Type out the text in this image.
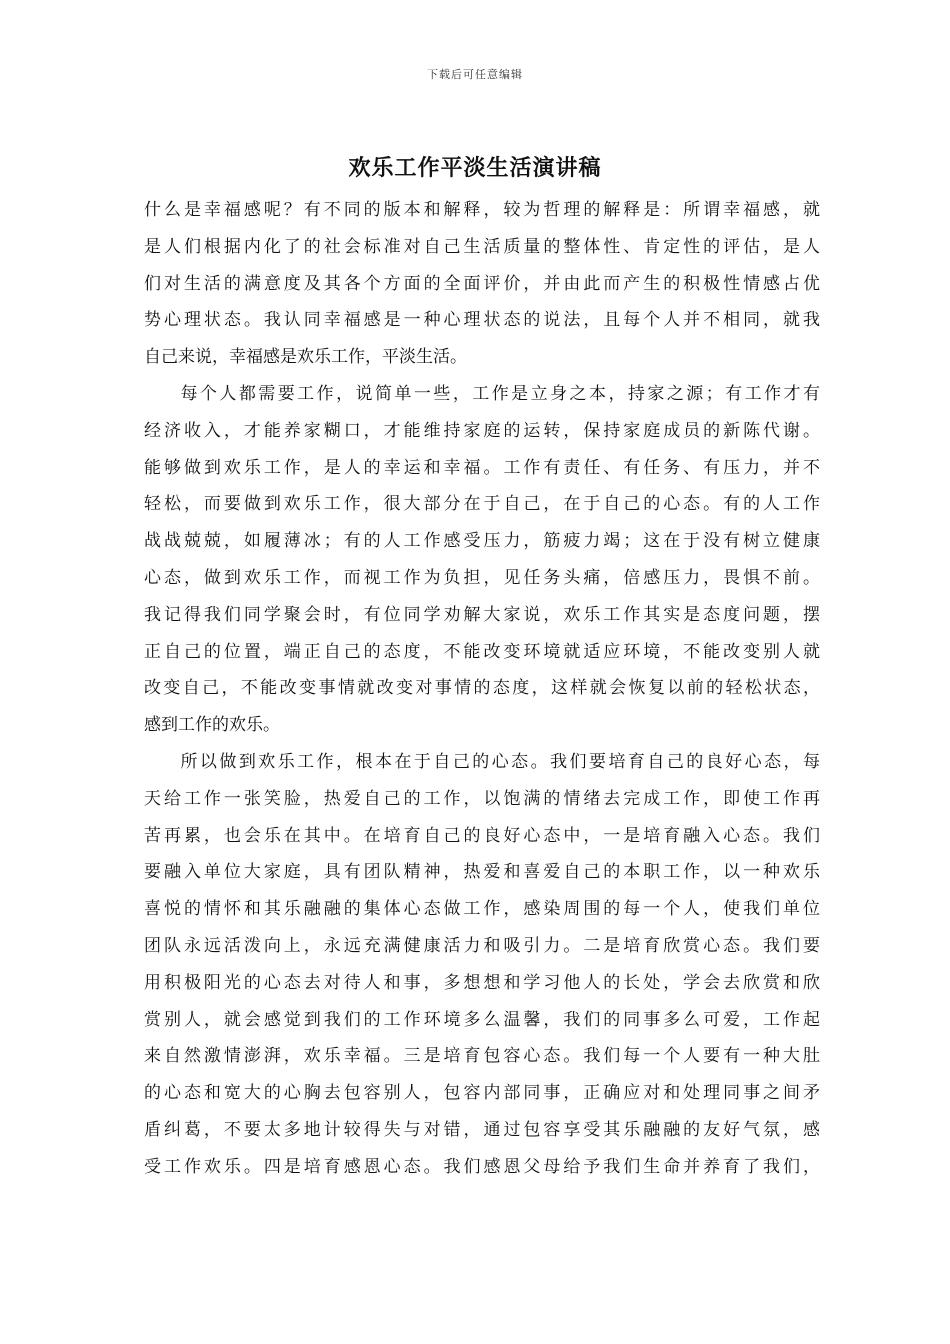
下载后可任意编辑
欢乐工作平淡生活演讲稿
什么是幸福感呢？有不同的版本和解释，较为哲理的解释是：所谓幸福感，就
是人们根据内化了的社会标准对自己生活质量的整体性、肯定性的评估，是人
们对生活的满意度及其各个方面的全面评价，并由此而产生的积极性情感占优
势心理状态。我认同幸福感是一种心理状态的说法，且每个人并不相同，就我
自己来说，幸福感是欢乐工作，平淡生活。
每个人都需要工作，说简单一些，工作是立身之本，持家之源；有工作才有
经济收入，才能养家糊口，才能维持家庭的运转，保持家庭成员的新陈代谢。
能够做到欢乐工作，是人的幸运和幸福。工作有责任、有任务、有压力，并不
轻松，而要做到欢乐工作，很大部分在于自己，在于自己的心态。有的人工作
战战兢兢，如履薄冰；有的人工作感受压力，筋疲力竭；这在于没有树立健康
心态，做到欢乐工作，而视工作为负担，见任务头痛，倍感压力，畏惧不前。
我记得我们同学聚会时，有位同学劝解大家说，欢乐工作其实是态度问题，摆
正自己的位置，端正自己的态度，不能改变环境就适应环境，不能改变别人就
改变自己，不能改变事情就改变对事情的态度，这样就会恢复以前的轻松状态，
感到工作的欢乐。
所以做到欢乐工作，根本在于自己的心态。我们要培育自己的良好心态，每
天给工作一张笑脸，热爱自己的工作，以饱满的情绪去完成工作，即使工作再
苦再累，也会乐在其中。在培育自己的良好心态中，一是培育融入心态。我们
要融入单位大家庭，具有团队精神，热爱和喜爱自己的本职工作，以一种欢乐
喜悦的情怀和其乐融融的集体心态做工作，感染周围的每一个人，使我们单位
团队永远活泼向上，永远充满健康活力和吸引力。二是培育欣赏心态。我们要
用积极阳光的心态去对待人和事，多想想和学习他人的长处，学会去欣赏和欣
赏别人，就会感觉到我们的工作环境多么温馨，我们的同事多么可爱，工作起
来自然激情澎湃，欢乐幸福。三是培育包容心态。我们每一个人要有一种大肚
的心态和宽大的心胸去包容别人，包容内部同事，正确应对和处理同事之间矛
盾纠葛，不要太多地计较得失与对错，通过包容享受其乐融融的友好气氛，感
受工作欢乐。四是培育感恩心态。我们感恩父母给予我们生命并养育了我们，
